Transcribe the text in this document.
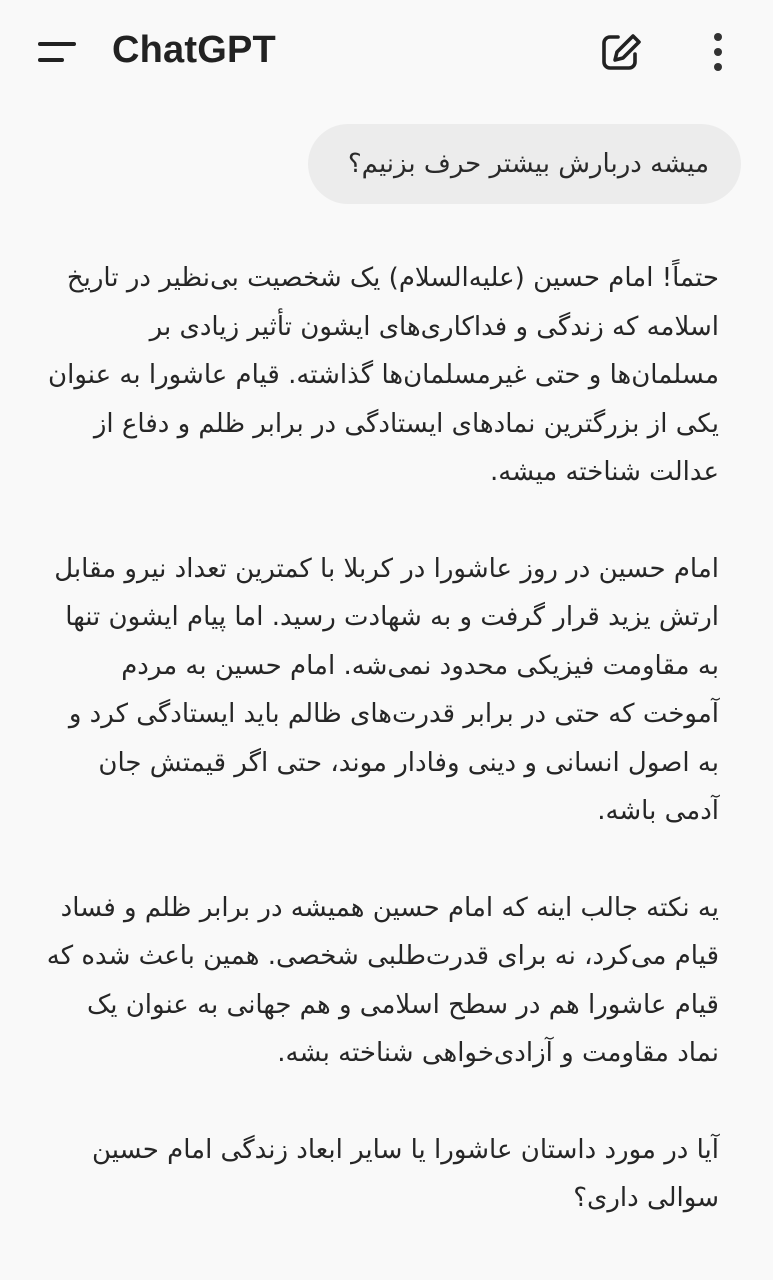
ChatGPT
میشه دربارش بیشتر حرف بزنیم؟

حتماً! امام حسین (علیه‌السلام) یک شخصیت بی‌نظیر در تاریخ اسلامه که زندگی و فداکاری‌های ایشون تأثیر زیادی بر مسلمان‌ها و حتی غیرمسلمان‌ها گذاشته. قیام عاشورا به عنوان یکی از بزرگترین نمادهای ایستادگی در برابر ظلم و دفاع از عدالت شناخته میشه.

امام حسین در روز عاشورا در کربلا با کمترین تعداد نیرو مقابل ارتش یزید قرار گرفت و به شهادت رسید. اما پیام ایشون تنها به مقاومت فیزیکی محدود نمی‌شه. امام حسین به مردم آموخت که حتی در برابر قدرت‌های ظالم باید ایستادگی کرد و به اصول انسانی و دینی وفادار موند، حتی اگر قیمتش جان آدمی باشه.

یه نکته جالب اینه که امام حسین همیشه در برابر ظلم و فساد قیام می‌کرد، نه برای قدرت‌طلبی شخصی. همین باعث شده که قیام عاشورا هم در سطح اسلامی و هم جهانی به عنوان یک نماد مقاومت و آزادی‌خواهی شناخته بشه.

آیا در مورد داستان عاشورا یا سایر ابعاد زندگی امام حسین سوالی داری؟
